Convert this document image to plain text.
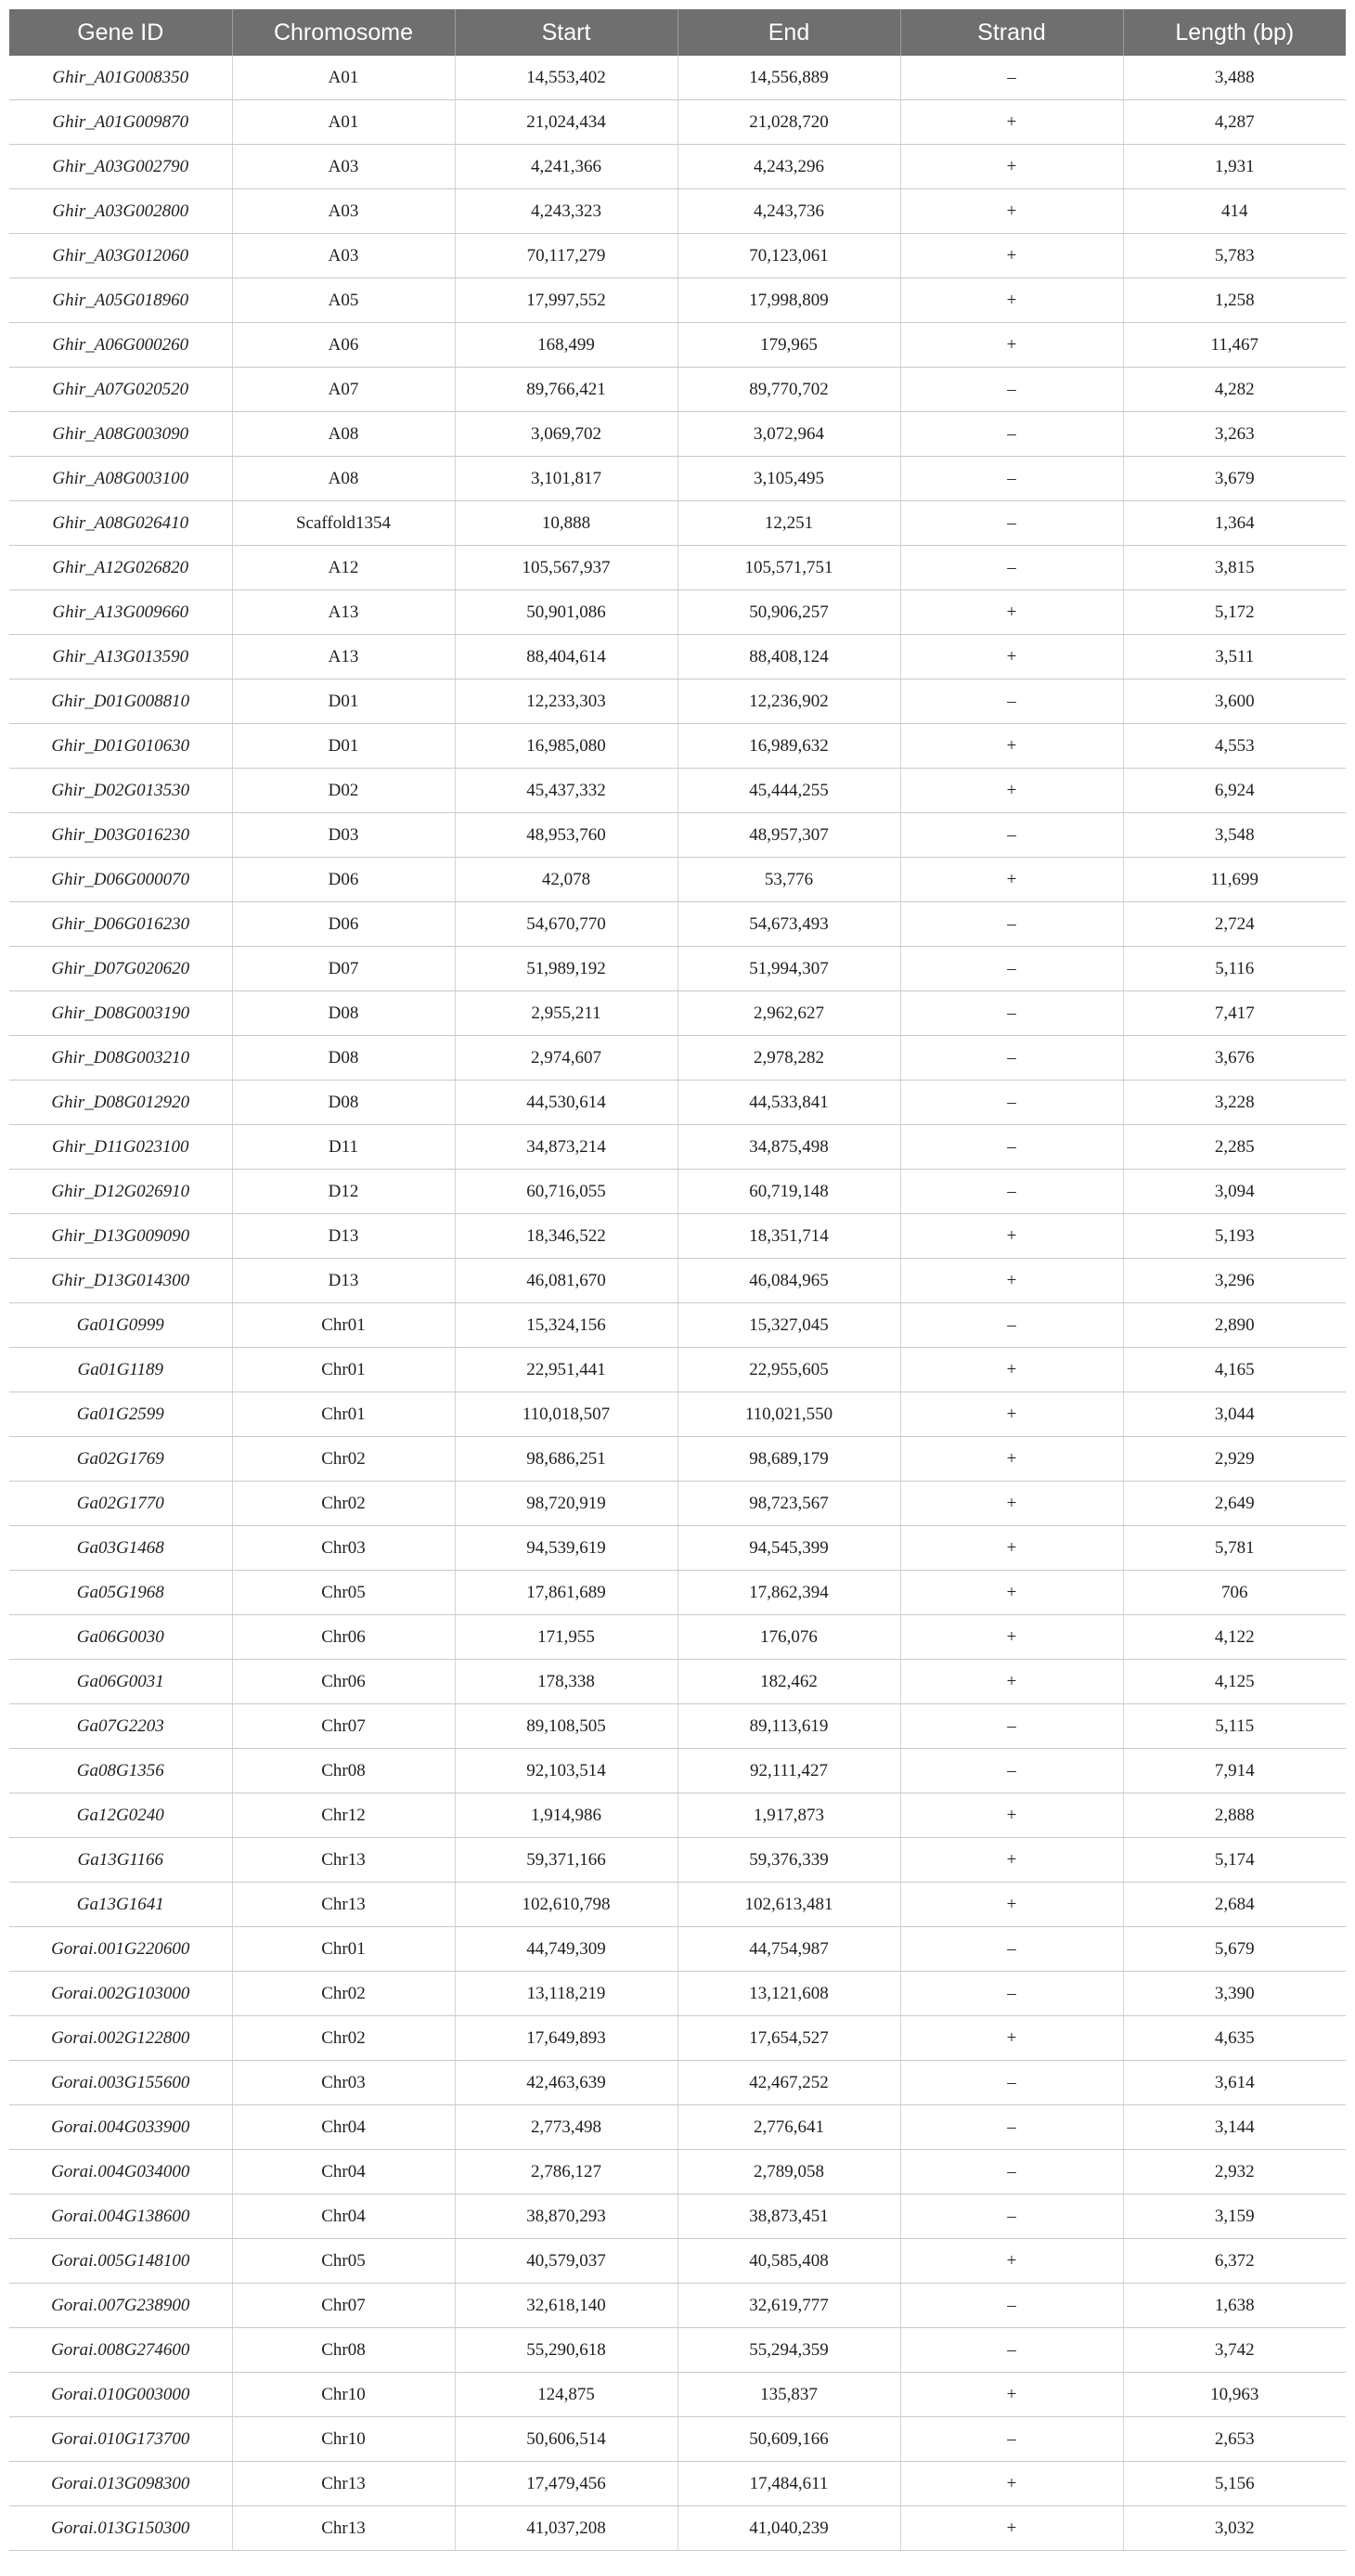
Gene ID	Chromosome	Start	End	Strand	Length (bp)
Ghir_A01G008350	A01	14,553,402	14,556,889	–	3,488
Ghir_A01G009870	A01	21,024,434	21,028,720	+	4,287
Ghir_A03G002790	A03	4,241,366	4,243,296	+	1,931
Ghir_A03G002800	A03	4,243,323	4,243,736	+	414
Ghir_A03G012060	A03	70,117,279	70,123,061	+	5,783
Ghir_A05G018960	A05	17,997,552	17,998,809	+	1,258
Ghir_A06G000260	A06	168,499	179,965	+	11,467
Ghir_A07G020520	A07	89,766,421	89,770,702	–	4,282
Ghir_A08G003090	A08	3,069,702	3,072,964	–	3,263
Ghir_A08G003100	A08	3,101,817	3,105,495	–	3,679
Ghir_A08G026410	Scaffold1354	10,888	12,251	–	1,364
Ghir_A12G026820	A12	105,567,937	105,571,751	–	3,815
Ghir_A13G009660	A13	50,901,086	50,906,257	+	5,172
Ghir_A13G013590	A13	88,404,614	88,408,124	+	3,511
Ghir_D01G008810	D01	12,233,303	12,236,902	–	3,600
Ghir_D01G010630	D01	16,985,080	16,989,632	+	4,553
Ghir_D02G013530	D02	45,437,332	45,444,255	+	6,924
Ghir_D03G016230	D03	48,953,760	48,957,307	–	3,548
Ghir_D06G000070	D06	42,078	53,776	+	11,699
Ghir_D06G016230	D06	54,670,770	54,673,493	–	2,724
Ghir_D07G020620	D07	51,989,192	51,994,307	–	5,116
Ghir_D08G003190	D08	2,955,211	2,962,627	–	7,417
Ghir_D08G003210	D08	2,974,607	2,978,282	–	3,676
Ghir_D08G012920	D08	44,530,614	44,533,841	–	3,228
Ghir_D11G023100	D11	34,873,214	34,875,498	–	2,285
Ghir_D12G026910	D12	60,716,055	60,719,148	–	3,094
Ghir_D13G009090	D13	18,346,522	18,351,714	+	5,193
Ghir_D13G014300	D13	46,081,670	46,084,965	+	3,296
Ga01G0999	Chr01	15,324,156	15,327,045	–	2,890
Ga01G1189	Chr01	22,951,441	22,955,605	+	4,165
Ga01G2599	Chr01	110,018,507	110,021,550	+	3,044
Ga02G1769	Chr02	98,686,251	98,689,179	+	2,929
Ga02G1770	Chr02	98,720,919	98,723,567	+	2,649
Ga03G1468	Chr03	94,539,619	94,545,399	+	5,781
Ga05G1968	Chr05	17,861,689	17,862,394	+	706
Ga06G0030	Chr06	171,955	176,076	+	4,122
Ga06G0031	Chr06	178,338	182,462	+	4,125
Ga07G2203	Chr07	89,108,505	89,113,619	–	5,115
Ga08G1356	Chr08	92,103,514	92,111,427	–	7,914
Ga12G0240	Chr12	1,914,986	1,917,873	+	2,888
Ga13G1166	Chr13	59,371,166	59,376,339	+	5,174
Ga13G1641	Chr13	102,610,798	102,613,481	+	2,684
Gorai.001G220600	Chr01	44,749,309	44,754,987	–	5,679
Gorai.002G103000	Chr02	13,118,219	13,121,608	–	3,390
Gorai.002G122800	Chr02	17,649,893	17,654,527	+	4,635
Gorai.003G155600	Chr03	42,463,639	42,467,252	–	3,614
Gorai.004G033900	Chr04	2,773,498	2,776,641	–	3,144
Gorai.004G034000	Chr04	2,786,127	2,789,058	–	2,932
Gorai.004G138600	Chr04	38,870,293	38,873,451	–	3,159
Gorai.005G148100	Chr05	40,579,037	40,585,408	+	6,372
Gorai.007G238900	Chr07	32,618,140	32,619,777	–	1,638
Gorai.008G274600	Chr08	55,290,618	55,294,359	–	3,742
Gorai.010G003000	Chr10	124,875	135,837	+	10,963
Gorai.010G173700	Chr10	50,606,514	50,609,166	–	2,653
Gorai.013G098300	Chr13	17,479,456	17,484,611	+	5,156
Gorai.013G150300	Chr13	41,037,208	41,040,239	+	3,032
